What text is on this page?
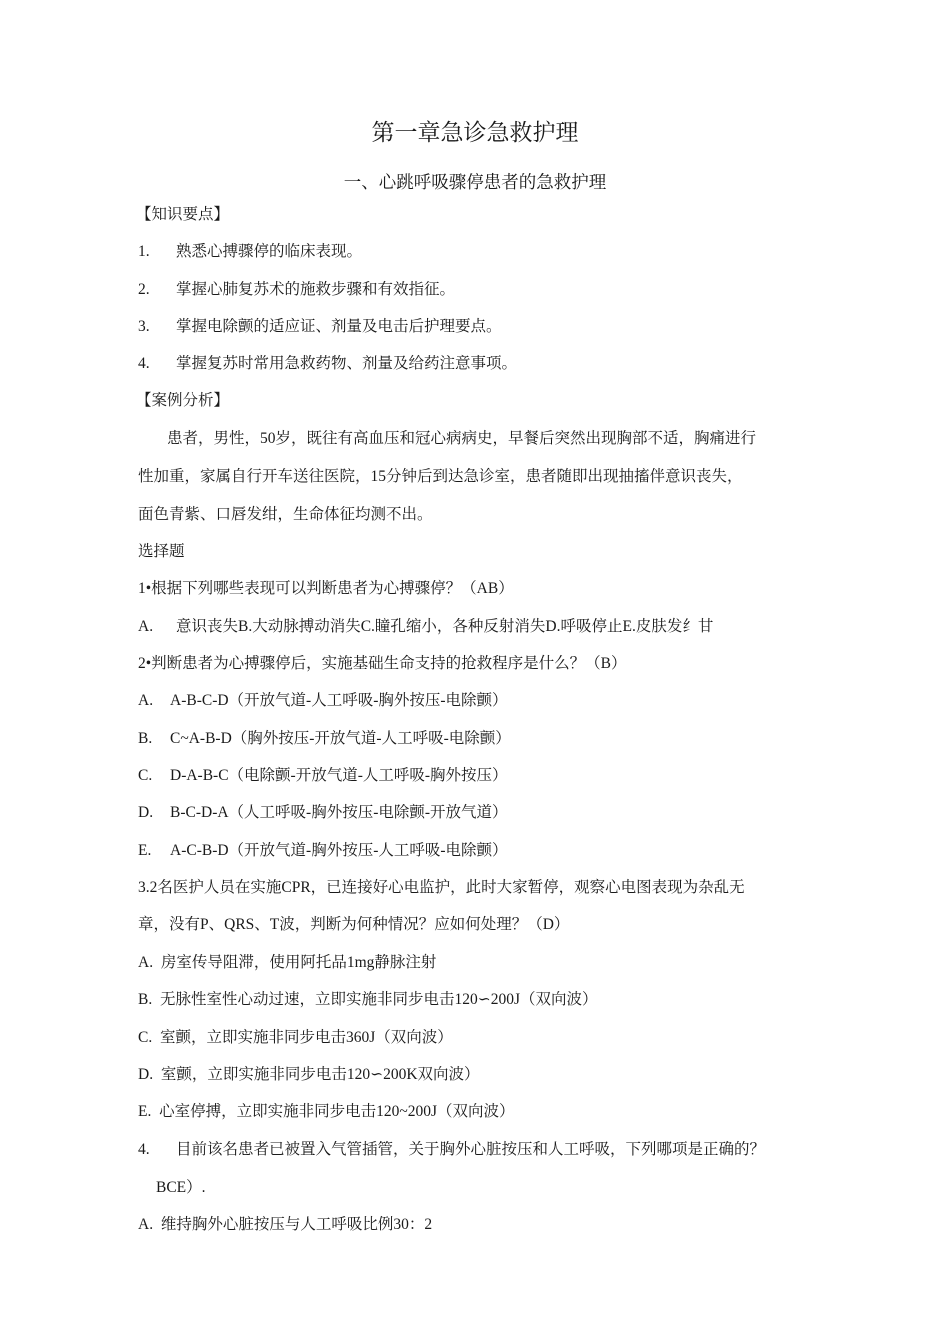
第一章急诊急救护理
一、心跳呼吸骤停患者的急救护理
【知识要点】
1. 熟悉心搏骤停的临床表现。
2. 掌握心肺复苏术的施救步骤和有效指征。
3. 掌握电除颤的适应证、剂量及电击后护理要点。
4. 掌握复苏时常用急救药物、剂量及给药注意事项。
【案例分析】
患者，男性，50岁，既往有高血压和冠心病病史，早餐后突然出现胸部不适，胸痛进行
性加重，家属自行开车送往医院，15分钟后到达急诊室，患者随即出现抽搐伴意识丧失，
面色青紫、口唇发绀，生命体征均测不出。
选择题
1•根据下列哪些表现可以判断患者为心搏骤停？（AB）
A. 意识丧失B.大动脉搏动消失C.瞳孔缩小，各种反射消失D.呼吸停止E.皮肤发纟甘
2•判断患者为心搏骤停后，实施基础生命支持的抢救程序是什么？（B）
A. A-B-C-D（开放气道-人工呼吸-胸外按压-电除颤）
B. C~A-B-D（胸外按压-开放气道-人工呼吸-电除颤）
C. D-A-B-C（电除颤-开放气道-人工呼吸-胸外按压）
D. B-C-D-A（人工呼吸-胸外按压-电除颤-开放气道）
E. A-C-B-D（开放气道-胸外按压-人工呼吸-电除颤）
3.2名医护人员在实施CPR，已连接好心电监护，此时大家暂停，观察心电图表现为杂乱无
章，没有P、QRS、T波，判断为何种情况？应如何处理？（D）
A. 房室传导阻滞，使用阿托品1mg静脉注射
B. 无脉性室性心动过速，立即实施非同步电击120∽200J（双向波）
C. 室颤，立即实施非同步电击360J（双向波）
D. 室颤，立即实施非同步电击120∽200K双向波）
E. 心室停搏，立即实施非同步电击120~200J（双向波）
4. 目前该名患者已被置入气管插管，关于胸外心脏按压和人工呼吸，下列哪项是正确的？
BCE）.
A. 维持胸外心脏按压与人工呼吸比例30：2
